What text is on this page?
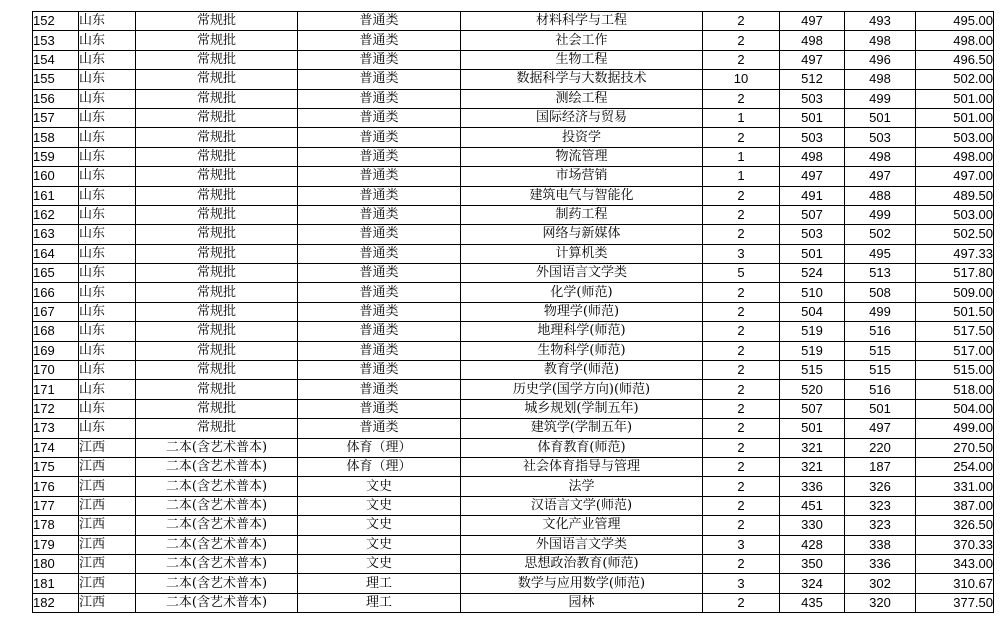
152	山东	常规批	普通类	材料科学与工程	2	497	493	495.00
153	山东	常规批	普通类	社会工作	2	498	498	498.00
154	山东	常规批	普通类	生物工程	2	497	496	496.50
155	山东	常规批	普通类	数据科学与大数据技术	10	512	498	502.00
156	山东	常规批	普通类	测绘工程	2	503	499	501.00
157	山东	常规批	普通类	国际经济与贸易	1	501	501	501.00
158	山东	常规批	普通类	投资学	2	503	503	503.00
159	山东	常规批	普通类	物流管理	1	498	498	498.00
160	山东	常规批	普通类	市场营销	1	497	497	497.00
161	山东	常规批	普通类	建筑电气与智能化	2	491	488	489.50
162	山东	常规批	普通类	制药工程	2	507	499	503.00
163	山东	常规批	普通类	网络与新媒体	2	503	502	502.50
164	山东	常规批	普通类	计算机类	3	501	495	497.33
165	山东	常规批	普通类	外国语言文学类	5	524	513	517.80
166	山东	常规批	普通类	化学(师范)	2	510	508	509.00
167	山东	常规批	普通类	物理学(师范)	2	504	499	501.50
168	山东	常规批	普通类	地理科学(师范)	2	519	516	517.50
169	山东	常规批	普通类	生物科学(师范)	2	519	515	517.00
170	山东	常规批	普通类	教育学(师范)	2	515	515	515.00
171	山东	常规批	普通类	历史学(国学方向)(师范)	2	520	516	518.00
172	山东	常规批	普通类	城乡规划(学制五年)	2	507	501	504.00
173	山东	常规批	普通类	建筑学(学制五年)	2	501	497	499.00
174	江西	二本(含艺术普本)	体育（理）	体育教育(师范)	2	321	220	270.50
175	江西	二本(含艺术普本)	体育（理）	社会体育指导与管理	2	321	187	254.00
176	江西	二本(含艺术普本)	文史	法学	2	336	326	331.00
177	江西	二本(含艺术普本)	文史	汉语言文学(师范)	2	451	323	387.00
178	江西	二本(含艺术普本)	文史	文化产业管理	2	330	323	326.50
179	江西	二本(含艺术普本)	文史	外国语言文学类	3	428	338	370.33
180	江西	二本(含艺术普本)	文史	思想政治教育(师范)	2	350	336	343.00
181	江西	二本(含艺术普本)	理工	数学与应用数学(师范)	3	324	302	310.67
182	江西	二本(含艺术普本)	理工	园林	2	435	320	377.50
